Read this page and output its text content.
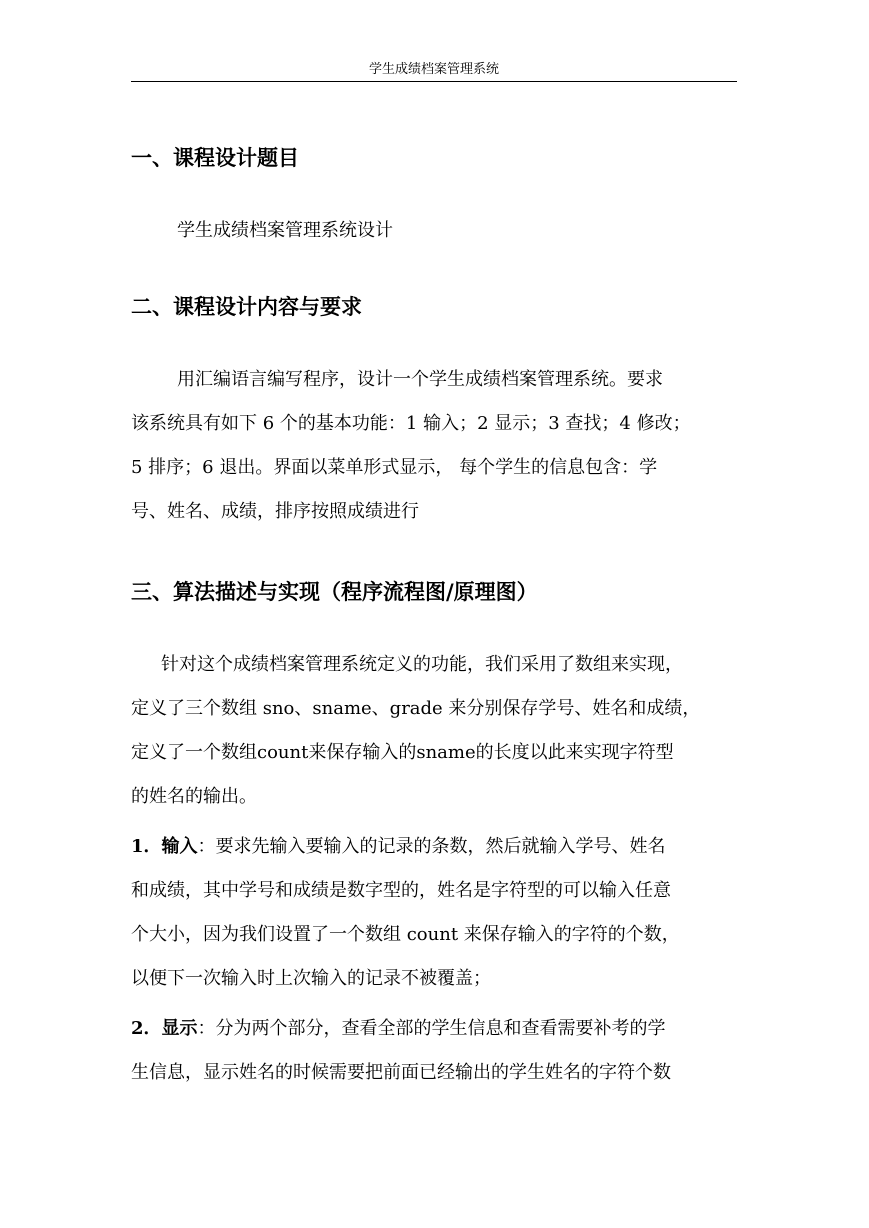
学生成绩档案管理系统
一、课程设计题目
学生成绩档案管理系统设计
二、课程设计内容与要求
用汇编语言编写程序，设计一个学生成绩档案管理系统。要求
该系统具有如下 6 个的基本功能：1 输入；2 显示；3 查找；4 修改；
5 排序；6 退出。界面以菜单形式显示， 每个学生的信息包含：学
号、姓名、成绩，排序按照成绩进行
三、算法描述与实现（程序流程图/原理图）
针对这个成绩档案管理系统定义的功能，我们采用了数组来实现，
定义了三个数组 sno、sname、grade 来分别保存学号、姓名和成绩，
定义了一个数组count来保存输入的sname的长度以此来实现字符型
的姓名的输出。
1．输入：要求先输入要输入的记录的条数，然后就输入学号、姓名
和成绩，其中学号和成绩是数字型的，姓名是字符型的可以输入任意
个大小，因为我们设置了一个数组 count 来保存输入的字符的个数，
以便下一次输入时上次输入的记录不被覆盖；
2．显示：分为两个部分，查看全部的学生信息和查看需要补考的学
生信息，显示姓名的时候需要把前面已经输出的学生姓名的字符个数
